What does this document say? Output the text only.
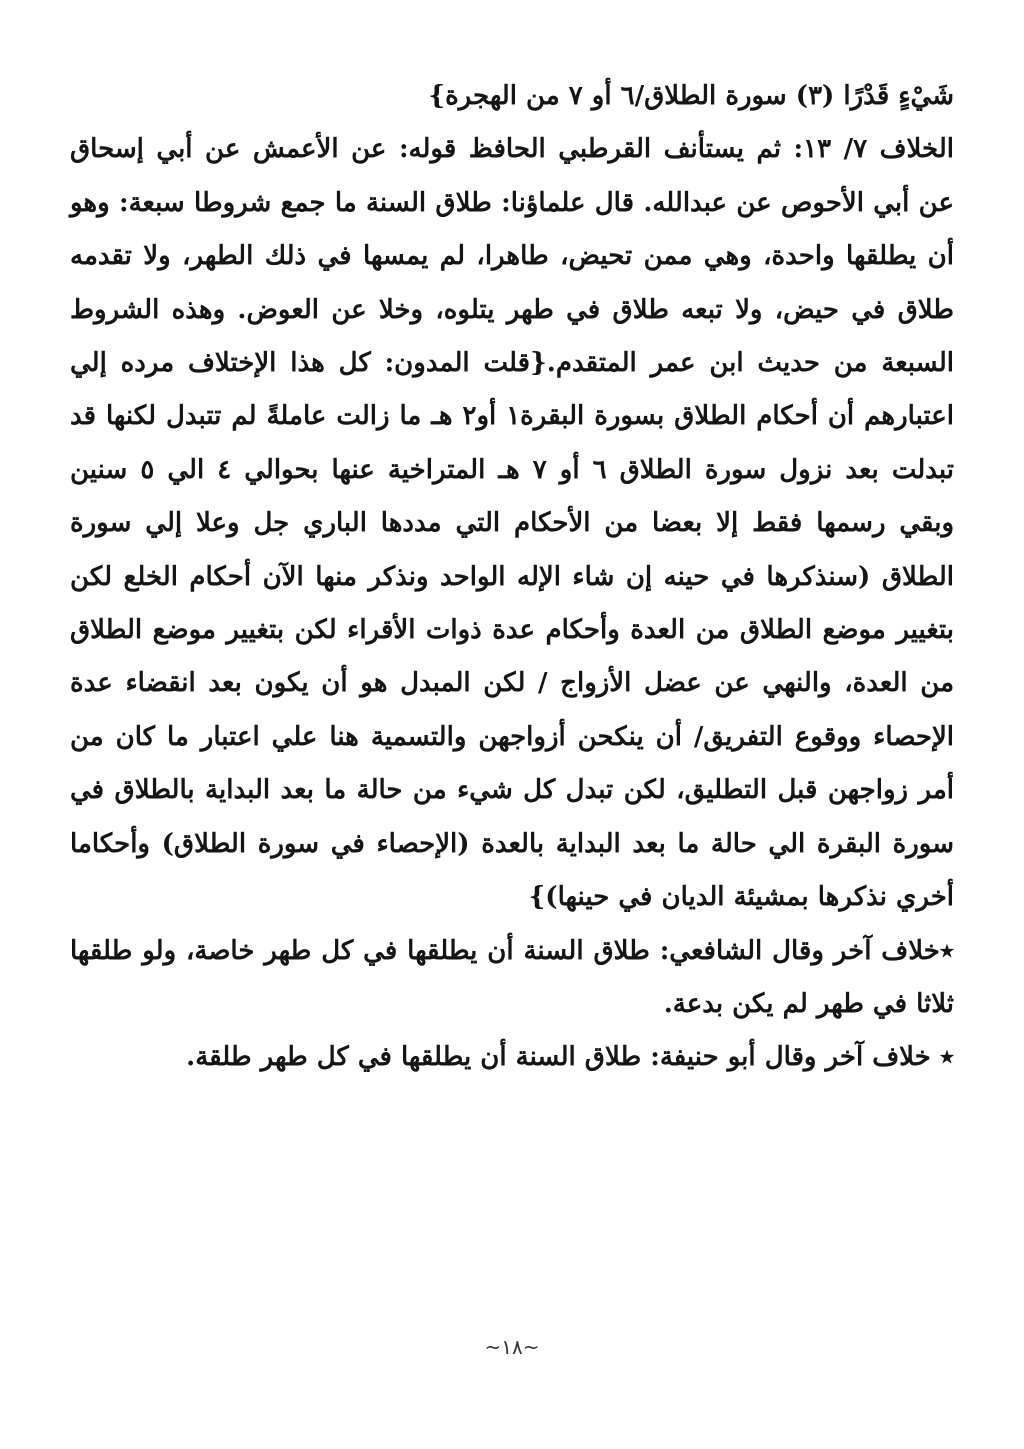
شَيْءٍ قَدْرًا (٣) سورة الطلاق/٦ أو ٧ من الهجرة}

الخلاف ٧/ ١٣: ثم يستأنف القرطبي الحافظ قوله: عن الأعمش عن أبي إسحاق عن أبي الأحوص عن عبدالله. قال علماؤنا: طلاق السنة ما جمع شروطا سبعة: وهو أن يطلقها واحدة، وهي ممن تحيض، طاهرا، لم يمسها في ذلك الطهر، ولا تقدمه طلاق في حيض، ولا تبعه طلاق في طهر يتلوه، وخلا عن العوض. وهذه الشروط السبعة من حديث ابن عمر المتقدم.{قلت المدون: كل هذا الإختلاف مرده إلي اعتبارهم أن أحكام الطلاق بسورة البقرة١ أو٢ هـ ما زالت عاملةً لم تتبدل لكنها قد تبدلت بعد نزول سورة الطلاق ٦ أو ٧ هـ المتراخية عنها بحوالي ٤ الي ٥ سنين وبقي رسمها فقط إلا بعضا من الأحكام التي مددها الباري جل وعلا إلي سورة الطلاق (سنذكرها في حينه إن شاء الإله الواحد ونذكر منها الآن أحكام الخلع لكن بتغيير موضع الطلاق من العدة وأحكام عدة ذوات الأقراء لكن بتغيير موضع الطلاق من العدة، والنهي عن عضل الأزواج / لكن المبدل هو أن يكون بعد انقضاء عدة الإحصاء ووقوع التفريق/ أن ينكحن أزواجهن والتسمية هنا علي اعتبار ما كان من أمر زواجهن قبل التطليق، لكن تبدل كل شيء من حالة ما بعد البداية بالطلاق في سورة البقرة الي حالة ما بعد البداية بالعدة (الإحصاء في سورة الطلاق) وأحكاما أخري نذكرها بمشيئة الديان في حينها)}

٭خلاف آخر وقال الشافعي: طلاق السنة أن يطلقها في كل طهر خاصة، ولو طلقها ثلاثا في طهر لم يكن بدعة.

٭ خلاف آخر وقال أبو حنيفة: طلاق السنة أن يطلقها في كل طهر طلقة.

~١٨~
